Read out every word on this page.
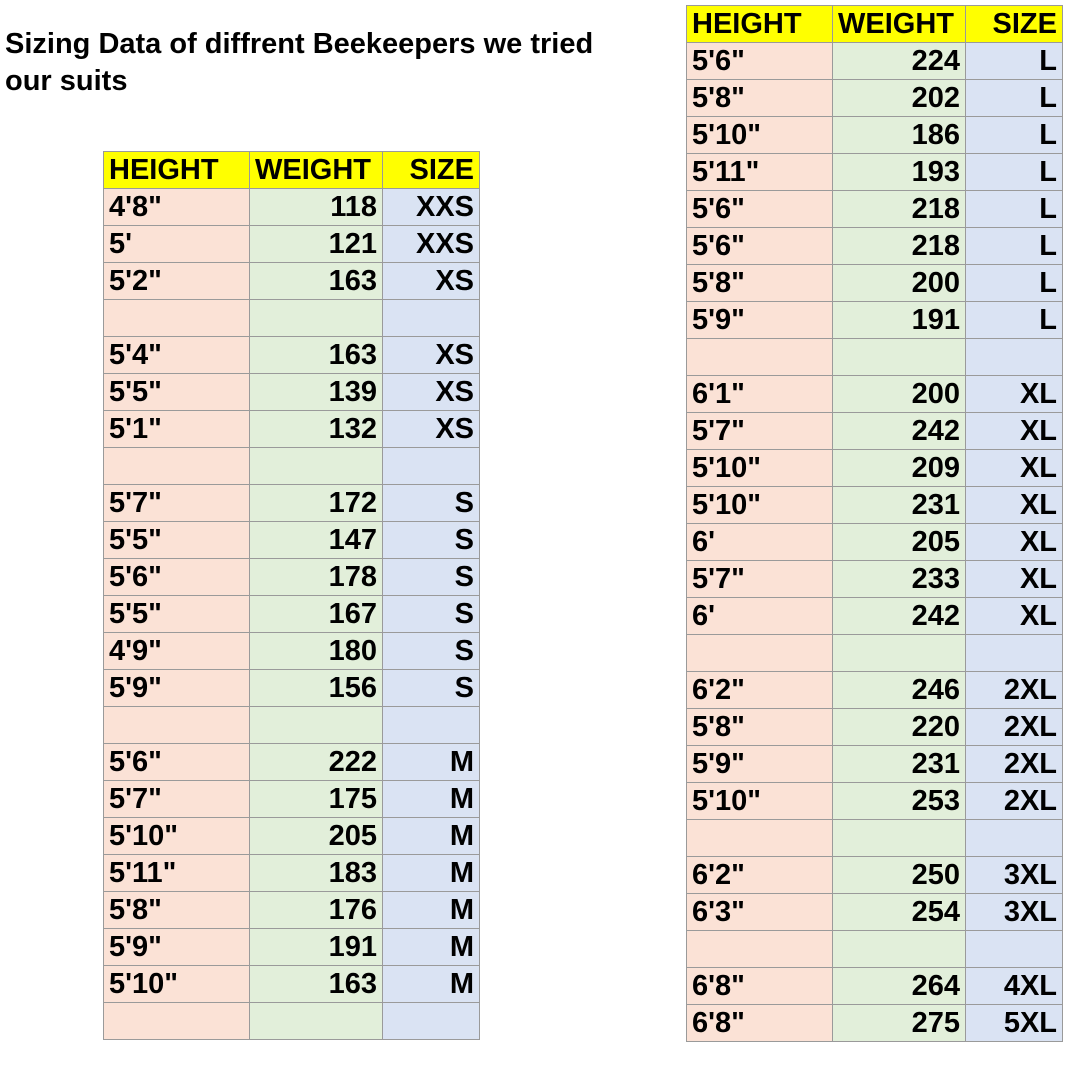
Sizing Data of diffrent Beekeepers we tried our suits
HEIGHT	WEIGHT	SIZE
4'8"	118	XXS
5'	121	XXS
5'2"	163	XS

5'4"	163	XS
5'5"	139	XS
5'1"	132	XS

5'7"	172	S
5'5"	147	S
5'6"	178	S
5'5"	167	S
4'9"	180	S
5'9"	156	S

5'6"	222	M
5'7"	175	M
5'10"	205	M
5'11"	183	M
5'8"	176	M
5'9"	191	M
5'10"	163	M

HEIGHT	WEIGHT	SIZE
5'6"	224	L
5'8"	202	L
5'10"	186	L
5'11"	193	L
5'6"	218	L
5'6"	218	L
5'8"	200	L
5'9"	191	L

6'1"	200	XL
5'7"	242	XL
5'10"	209	XL
5'10"	231	XL
6'	205	XL
5'7"	233	XL
6'	242	XL

6'2"	246	2XL
5'8"	220	2XL
5'9"	231	2XL
5'10"	253	2XL

6'2"	250	3XL
6'3"	254	3XL

6'8"	264	4XL
6'8"	275	5XL
